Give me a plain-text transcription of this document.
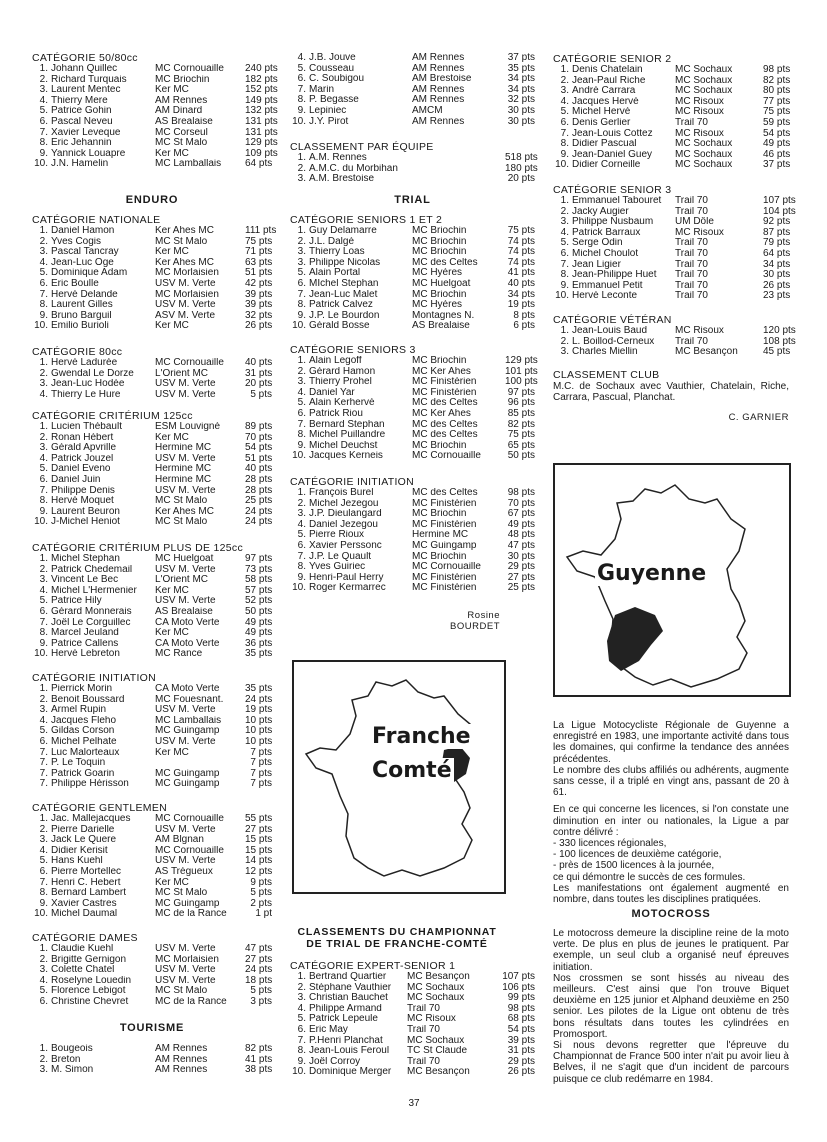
CATÉGORIE 50/80cc
1. Johann Quillec	MC Cornouaille	240 pts
2. Richard Turquais	MC Briochin	182 pts
3. Laurent Mentec	Ker MC	152 pts
4. Thierry Mere	AM Rennes	149 pts
5. Patrice Gohin	AM Dinard	132 pts
6. Pascal Neveu	AS Brealaise	131 pts
7. Xavier Leveque	MC Corseul	131 pts
8. Éric Jehannin	MC St Malo	129 pts
9. Yannick Louapre	Ker MC	109 pts
10. J.N. Hamelin	MC Lamballais	64 pts
ENDURO
CATÉGORIE NATIONALE
1. Daniel Hamon	Ker Ahes MC	111 pts
2. Yves Cogis	MC St Malo	75 pts
3. Pascal Tancray	Ker MC	71 pts
4. Jean-Luc Oge	Ker Ahes MC	63 pts
5. Dominique Adam	MC Morlaisien	51 pts
6. Éric Boulle	USV M. Verte	42 pts
7. Hervé Delande	MC Morlaisien	39 pts
8. Laurent Gilles	USV M. Verte	39 pts
9. Bruno Barguil	ASV M. Verte	32 pts
10. Emilio Burioli	Ker MC	26 pts
CATÉGORIE 80cc
1. Hervé Ladurée	MC Cornouaille	40 pts
2. Gwendal Le Dorze	L'Orient MC	31 pts
3. Jean-Luc Hodée	USV M. Verte	20 pts
4. Thierry Le Hure	USV M. Verte	5 pts
CATÉGORIE CRITÉRIUM 125cc
1. Lucien Thébault	ESM Louvigné	89 pts
2. Ronan Hébert	Ker MC	70 pts
3. Gérald Apvrille	Hermine MC	54 pts
4. Patrick Jouzel	USV M. Verte	51 pts
5. Daniel Eveno	Hermine MC	40 pts
6. Daniel Juin	Hermine MC	28 pts
7. Philippe Denis	USV M. Verte	28 pts
8. Hervé Moquet	MC St Malo	25 pts
9. Laurent Beuron	Ker Ahes MC	24 pts
10. J-Michel Heniot	MC St Malo	24 pts
CATÉGORIE CRITÉRIUM PLUS DE 125cc
1. Michel Stephan	MC Huelgoat	97 pts
2. Patrick Chedemail	USV M. Verte	73 pts
3. Vincent Le Bec	L'Orient MC	58 pts
4. Michel L'Hermenier	Ker MC	57 pts
5. Patrice Hily	USV M. Verte	52 pts
6. Gérard Monnerais	AS Brealaise	50 pts
7. Joël Le Corguillec	CA Moto Verte	49 pts
8. Marcel Jeuland	Ker MC	49 pts
9. Patrice Callens	CA Moto Verte	36 pts
10. Hervé Lebreton	MC Rance	35 pts
CATÉGORIE INITIATION
1. Pierrick Morin	CA Moto Verte	35 pts
2. Benoit Boussard	MC Fouesnant.	24 pts
3. Armel Rupin	USV M. Verte	19 pts
4. Jacques Fleho	MC Lamballais	10 pts
5. Gildas Corson	MC Guingamp	10 pts
6. Michel Pelhate	USV M. Verte	10 pts
7. Luc Malorteaux	Ker MC	7 pts
7. P. Le Toquin	7 pts
7. Patrick Goarin	MC Guingamp	7 pts
7. Philippe Hérisson	MC Guingamp	7 pts
CATÉGORIE GENTLEMEN
1. Jac. Mallejacques	MC Cornouaille	55 pts
2. Pierre Darielle	USV M. Verte	27 pts
3. Jack Le Quere	AM Blgnan	15 pts
4. Didier Kerisit	MC Cornouaille	15 pts
5. Hans Kuehl	USV M. Verte	14 pts
6. Pierre Mortellec	AS Trégueux	12 pts
7. Henri C. Hebert	Ker MC	9 pts
8. Bernard Lambert	MC St Malo	5 pts
9. Xavier Castres	MC Guingamp	2 pts
10. Michel Daumal	MC de la Rance	1 pt
CATÉGORIE DAMES
1. Claudie Kuehl	USV M. Verte	47 pts
2. Brigitte Gernigon	MC Morlaisien	27 pts
3. Colette Chatel	USV M. Verte	24 pts
4. Roselyne Louedin	USV M. Verte	18 pts
5. Florence Lebigot	MC St Malo	5 pts
6. Christine Chevret	MC de la Rance	3 pts
TOURISME
1. Bougeois	AM Rennes	82 pts
2. Breton	AM Rennes	41 pts
3. M. Simon	AM Rennes	38 pts
4. J.B. Jouve	AM Rennes	37 pts
5. Cousseau	AM Rennes	35 pts
6. C. Soubigou	AM Brestoise	34 pts
7. Marin	AM Rennes	34 pts
8. P. Begasse	AM Rennes	32 pts
9. Lepiniec	AMCM	30 pts
10. J.Y. Pirot	AM Rennes	30 pts
CLASSEMENT PAR ÉQUIPE
1. A.M. Rennes	518 pts
2. A.M.C. du Morbihan	180 pts
3. A.M. Brestoise	20 pts
TRIAL
CATÉGORIE SENIORS 1 ET 2
1. Guy Delamarre	MC Briochin	75 pts
2. J.L. Dalgé	MC Briochin	74 pts
3. Thierry Loas	MC Briochin	74 pts
3. Philippe Nicolas	MC des Celtes	74 pts
5. Alain Portal	MC Hyères	41 pts
6. MIchel Stephan	MC Huelgoat	40 pts
7. Jean-Luc Malet	MC Briochin	34 pts
8. Patrick Calvez	MC Hyères	19 pts
9. J.P. Le Bourdon	Montagnes N.	8 pts
10. Gérald Bosse	AS Brealaise	6 pts
CATÉGORIE SENIORS 3
1. Alain Legoff	MC Briochin	129 pts
2. Gérard Hamon	MC Ker Ahes	101 pts
3. Thierry Prohel	MC Finistérien	100 pts
4. Daniel Yar	MC Finistérien	97 pts
5. Alain Kerhervé	MC des Celtes	96 pts
6. Patrick Riou	MC Ker Ahes	85 pts
7. Bernard Stephan	MC des Celtes	82 pts
8. Michel Puillandre	MC des Celtes	75 pts
9. Michel Deuchst	MC Briochin	65 pts
10. Jacques Kerneis	MC Cornouaille	50 pts
CATÉGORIE INITIATION
1. François Burel	MC des Celtes	98 pts
2. Michel Jezegou	MC Finistérien	70 pts
3. J.P. Dieulangard	MC Briochin	67 pts
4. Daniel Jezegou	MC Finistérien	49 pts
5. Pierre Rioux	Hermine MC	48 pts
6. Xavier Perssonc	MC Guingamp	47 pts
7. J.P. Le Quault	MC Briochin	30 pts
8. Yves Guiriec	MC Cornouaille	29 pts
9. Henri-Paul Herry	MC Finistérien	27 pts
10. Roger Kermarrec	MC Finistérien	25 pts
Rosine BOURDET
Franche
Comté
CLASSEMENTS DU CHAMPIONNAT
DE TRIAL DE FRANCHE-COMTÉ
CATÉGORIE EXPERT-SENIOR 1
1. Bertrand Quartier	MC Besançon	107 pts
2. Stéphane Vauthier	MC Sochaux	106 pts
3. Christian Bauchet	MC Sochaux	99 pts
4. Philippe Armand	Trail 70	98 pts
5. Patrick Lepeule	MC Risoux	68 pts
6. Éric May	Trail 70	54 pts
7. P.Henri Planchat	MC Sochaux	39 pts
8. Jean-Louis Feroul	TC St Claude	31 pts
9. Joël Corroy	Trail 70	29 pts
10. Dominique Merger	MC Besançon	26 pts
CATÉGORIE SENIOR 2
1. Denis Chatelain	MC Sochaux	98 pts
2. Jean-Paul Riche	MC Sochaux	82 pts
3. André Carrara	MC Sochaux	80 pts
4. Jacques Hervé	MC Risoux	77 pts
5. Michel Hervé	MC Risoux	75 pts
6. Denis Gerlier	Trail 70	59 pts
7. Jean-Louis Cottez	MC Risoux	54 pts
8. Didier Pascual	MC Sochaux	49 pts
9. Jean-Daniel Guey	MC Sochaux	46 pts
10. Didier Corneille	MC Sochaux	37 pts
CATÉGORIE SENIOR 3
1. Emmanuel Tabouret	Trail 70	107 pts
2. Jacky Augier	Trail 70	104 pts
3. Philippe Nusbaum	UM Dôle	92 pts
4. Patrick Barraux	MC Risoux	87 pts
5. Serge Odin	Trail 70	79 pts
6. Michel Choulot	Trail 70	64 pts
7. Jean Ligier	Trail 70	34 pts
8. Jean-Philippe Huet	Trail 70	30 pts
9. Emmanuel Petit	Trail 70	26 pts
10. Hervé Leconte	Trail 70	23 pts
CATÉGORIE VÉTÉRAN
1. Jean-Louis Baud	MC Risoux	120 pts
2. L. Boillod-Cerneux	Trail 70	108 pts
3. Charles Miellin	MC Besançon	45 pts
CLASSEMENT CLUB
M.C. de Sochaux avec Vauthier, Chatelain, Riche, Carrara, Pascual, Planchat.
C. GARNIER
Guyenne
La Ligue Motocycliste Régionale de Guyenne a enregistré en 1983, une importante activité dans tous les domaines, qui confirme la tendance des années précédentes.
Le nombre des clubs affiliés ou adhérents, augmente sans cesse, il a triplé en vingt ans, passant de 20 à 61.
En ce qui concerne les licences, si l'on constate une diminution en inter ou nationales, la Ligue a par contre délivré :
- 330 licences régionales,
- 100 licences de deuxième catégorie,
- près de 1500 licences à la journée,
ce qui démontre le succès de ces formules.
Les manifestations ont également augmenté en nombre, dans toutes les disciplines pratiquées.
MOTOCROSS
Le motocross demeure la discipline reine de la moto verte. De plus en plus de jeunes le pratiquent. Par exemple, un seul club a organisé neuf épreuves initiation.
Nos crossmen se sont hissés au niveau des meilleurs. C'est ainsi que l'on trouve Biquet deuxième en 125 junior et Alphand deuxième en 250 senior. Les pilotes de la Ligue ont obtenu de très bons résultats dans toutes les cylindrées en Promosport.
Si nous devons regretter que l'épreuve du Championnat de France 500 inter n'ait pu avoir lieu à Belves, il ne s'agit que d'un incident de parcours puisque ce club redémarre en 1984.
37
